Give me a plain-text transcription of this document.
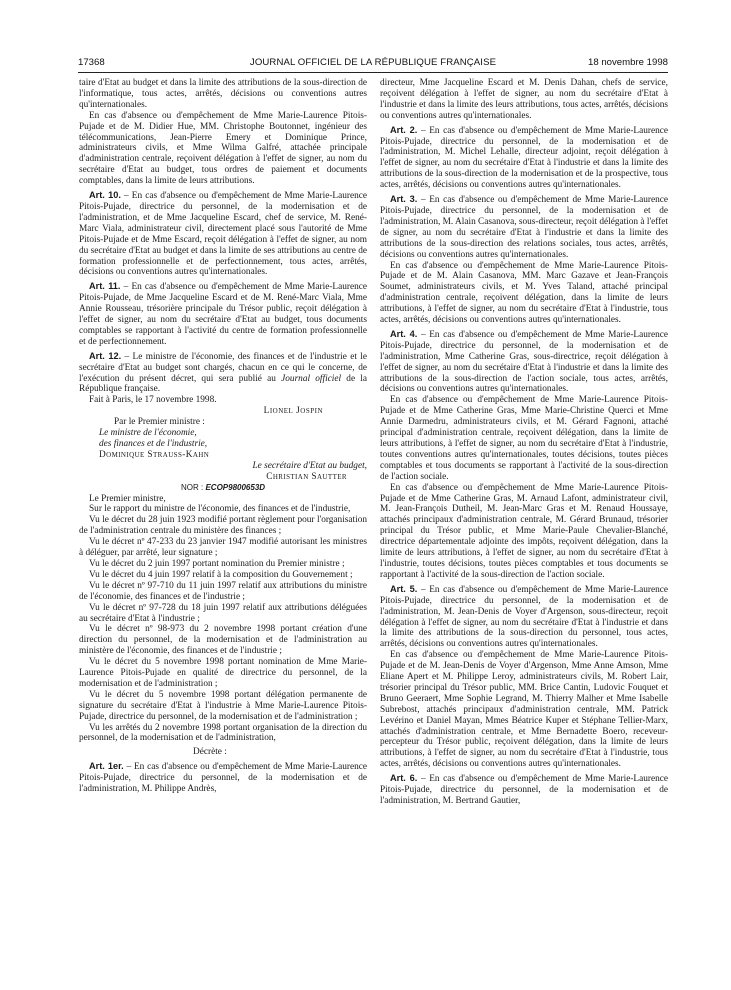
17368	JOURNAL OFFICIEL DE LA RÉPUBLIQUE FRANÇAISE	18 novembre 1998

taire d'Etat au budget et dans la limite des attributions de la sous-direction de l'informatique, tous actes, arrêtés, décisions ou conventions autres qu'internationales.

En cas d'absence ou d'empêchement de Mme Marie-Laurence Pitois-Pujade et de M. Didier Hue, MM. Christophe Boutonnet, ingénieur des télécommunications, Jean-Pierre Emery et Dominique Prince, administrateurs civils, et Mme Wilma Galfré, attachée principale d'administration centrale, reçoivent délégation à l'effet de signer, au nom du secrétaire d'Etat au budget, tous ordres de paiement et documents comptables, dans la limite de leurs attributions.

Art. 10. – En cas d'absence ou d'empêchement de Mme Marie-Laurence Pitois-Pujade, directrice du personnel, de la modernisation et de l'administration, et de Mme Jacqueline Escard, chef de service, M. René-Marc Viala, administrateur civil, directement placé sous l'autorité de Mme Pitois-Pujade et de Mme Escard, reçoit délégation à l'effet de signer, au nom du secrétaire d'Etat au budget et dans la limite de ses attributions au centre de formation professionnelle et de perfectionnement, tous actes, arrêtés, décisions ou conventions autres qu'internationales.

Art. 11. – En cas d'absence ou d'empêchement de Mme Marie-Laurence Pitois-Pujade, de Mme Jacqueline Escard et de M. René-Marc Viala, Mme Annie Rousseau, trésorière principale du Trésor public, reçoit délégation à l'effet de signer, au nom du secrétaire d'Etat au budget, tous documents comptables se rapportant à l'activité du centre de formation professionnelle et de perfectionnement.

Art. 12. – Le ministre de l'économie, des finances et de l'industrie et le secrétaire d'Etat au budget sont chargés, chacun en ce qui le concerne, de l'exécution du présent décret, qui sera publié au Journal officiel de la République française.

Fait à Paris, le 17 novembre 1998.

Lionel Jospin

Par le Premier ministre :

Le ministre de l'économie,

des finances et de l'industrie,

Dominique Strauss-Kahn

Le secrétaire d'Etat au budget,

Christian Sautter

NOR : ECOP9800653D

Le Premier ministre,

Sur le rapport du ministre de l'économie, des finances et de l'industrie,

Vu le décret du 28 juin 1923 modifié portant règlement pour l'organisation de l'administration centrale du ministère des finances ;

Vu le décret nº 47-233 du 23 janvier 1947 modifié autorisant les ministres à déléguer, par arrêté, leur signature ;

Vu le décret du 2 juin 1997 portant nomination du Premier ministre ;

Vu le décret du 4 juin 1997 relatif à la composition du Gouvernement ;

Vu le décret nº 97-710 du 11 juin 1997 relatif aux attributions du ministre de l'économie, des finances et de l'industrie ;

Vu le décret nº 97-728 du 18 juin 1997 relatif aux attributions déléguées au secrétaire d'Etat à l'industrie ;

Vu le décret nº 98-973 du 2 novembre 1998 portant création d'une direction du personnel, de la modernisation et de l'administration au ministère de l'économie, des finances et de l'industrie ;

Vu le décret du 5 novembre 1998 portant nomination de Mme Marie-Laurence Pitois-Pujade en qualité de directrice du personnel, de la modernisation et de l'administration ;

Vu le décret du 5 novembre 1998 portant délégation permanente de signature du secrétaire d'Etat à l'industrie à Mme Marie-Laurence Pitois-Pujade, directrice du personnel, de la modernisation et de l'administration ;

Vu les arrêtés du 2 novembre 1998 portant organisation de la direction du personnel, de la modernisation et de l'administration,

Décrète :

Art. 1er. – En cas d'absence ou d'empêchement de Mme Marie-Laurence Pitois-Pujade, directrice du personnel, de la modernisation et de l'administration, M. Philippe Andrès,

directeur, Mme Jacqueline Escard et M. Denis Dahan, chefs de service, reçoivent délégation à l'effet de signer, au nom du secrétaire d'Etat à l'industrie et dans la limite des leurs attributions, tous actes, arrêtés, décisions ou conventions autres qu'internationales.

Art. 2. – En cas d'absence ou d'empêchement de Mme Marie-Laurence Pitois-Pujade, directrice du personnel, de la modernisation et de l'administration, M. Michel Lehalle, directeur adjoint, reçoit délégation à l'effet de signer, au nom du secrétaire d'Etat à l'industrie et dans la limite des attributions de la sous-direction de la modernisation et de la prospective, tous actes, arrêtés, décisions ou conventions autres qu'internationales.

Art. 3. – En cas d'absence ou d'empêchement de Mme Marie-Laurence Pitois-Pujade, directrice du personnel, de la modernisation et de l'administration, M. Alain Casanova, sous-directeur, reçoit délégation à l'effet de signer, au nom du secrétaire d'Etat à l'industrie et dans la limite des attributions de la sous-direction des relations sociales, tous actes, arrêtés, décisions ou conventions autres qu'internationales.

En cas d'absence ou d'empêchement de Mme Marie-Laurence Pitois-Pujade et de M. Alain Casanova, MM. Marc Gazave et Jean-François Soumet, administrateurs civils, et M. Yves Taland, attaché principal d'administration centrale, reçoivent délégation, dans la limite de leurs attributions, à l'effet de signer, au nom du secrétaire d'Etat à l'industrie, tous actes, arrêtés, décisions ou conventions autres qu'internationales.

Art. 4. – En cas d'absence ou d'empêchement de Mme Marie-Laurence Pitois-Pujade, directrice du personnel, de la modernisation et de l'administration, Mme Catherine Gras, sous-directrice, reçoit délégation à l'effet de signer, au nom du secrétaire d'Etat à l'industrie et dans la limite des attributions de la sous-direction de l'action sociale, tous actes, arrêtés, décisions ou conventions autres qu'internationales.

En cas d'absence ou d'empêchement de Mme Marie-Laurence Pitois-Pujade et de Mme Catherine Gras, Mme Marie-Christine Querci et Mme Annie Darmedru, administrateurs civils, et M. Gérard Fagnoni, attaché principal d'administration centrale, reçoivent délégation, dans la limite de leurs attributions, à l'effet de signer, au nom du secrétaire d'Etat à l'industrie, toutes conventions autres qu'internationales, toutes décisions, toutes pièces comptables et tous documents se rapportant à l'activité de la sous-direction de l'action sociale.

En cas d'absence ou d'empêchement de Mme Marie-Laurence Pitois-Pujade et de Mme Catherine Gras, M. Arnaud Lafont, administrateur civil, M. Jean-François Dutheil, M. Jean-Marc Gras et M. Renaud Houssaye, attachés principaux d'administration centrale, M. Gérard Brunaud, trésorier principal du Trésor public, et Mme Marie-Paule Chevalier-Blanché, directrice départementale adjointe des impôts, reçoivent délégation, dans la limite de leurs attributions, à l'effet de signer, au nom du secrétaire d'Etat à l'industrie, toutes décisions, toutes pièces comptables et tous documents se rapportant à l'activité de la sous-direction de l'action sociale.

Art. 5. – En cas d'absence ou d'empêchement de Mme Marie-Laurence Pitois-Pujade, directrice du personnel, de la modernisation et de l'administration, M. Jean-Denis de Voyer d'Argenson, sous-directeur, reçoit délégation à l'effet de signer, au nom du secrétaire d'Etat à l'industrie et dans la limite des attributions de la sous-direction du personnel, tous actes, arrêtés, décisions ou conventions autres qu'internationales.

En cas d'absence ou d'empêchement de Mme Marie-Laurence Pitois-Pujade et de M. Jean-Denis de Voyer d'Argenson, Mme Anne Amson, Mme Eliane Apert et M. Philippe Leroy, administrateurs civils, M. Robert Lair, trésorier principal du Trésor public, MM. Brice Cantin, Ludovic Fouquet et Bruno Geeraert, Mme Sophie Legrand, M. Thierry Malher et Mme Isabelle Subrebost, attachés principaux d'administration centrale, MM. Patrick Levérino et Daniel Mayan, Mmes Béatrice Kuper et Stéphane Tellier-Marx, attachés d'administration centrale, et Mme Bernadette Boero, receveur-percepteur du Trésor public, reçoivent délégation, dans la limite de leurs attributions, à l'effet de signer, au nom du secrétaire d'Etat à l'industrie, tous actes, arrêtés, décisions ou conventions autres qu'internationales.

Art. 6. – En cas d'absence ou d'empêchement de Mme Marie-Laurence Pitois-Pujade, directrice du personnel, de la modernisation et de l'administration, M. Bertrand Gautier,
